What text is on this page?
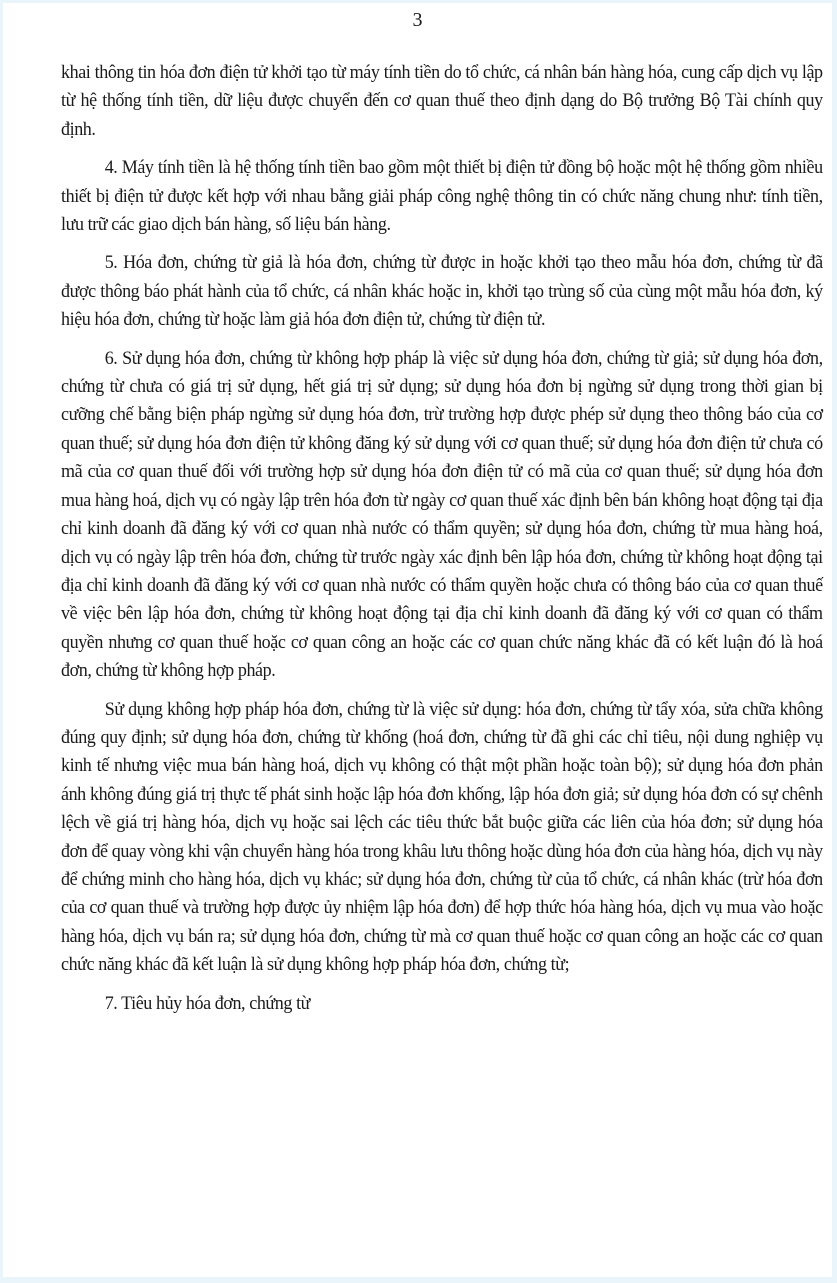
3

khai thông tin hóa đơn điện tử khởi tạo từ máy tính tiền do tổ chức, cá nhân bán hàng hóa, cung cấp dịch vụ lập từ hệ thống tính tiền, dữ liệu được chuyển đến cơ quan thuế theo định dạng do Bộ trưởng Bộ Tài chính quy định.

4. Máy tính tiền là hệ thống tính tiền bao gồm một thiết bị điện tử đồng bộ hoặc một hệ thống gồm nhiều thiết bị điện tử được kết hợp với nhau bằng giải pháp công nghệ thông tin có chức năng chung như: tính tiền, lưu trữ các giao dịch bán hàng, số liệu bán hàng.

5. Hóa đơn, chứng từ giả là hóa đơn, chứng từ được in hoặc khởi tạo theo mẫu hóa đơn, chứng từ đã được thông báo phát hành của tổ chức, cá nhân khác hoặc in, khởi tạo trùng số của cùng một mẫu hóa đơn, ký hiệu hóa đơn, chứng từ hoặc làm giả hóa đơn điện tử, chứng từ điện tử.

6. Sử dụng hóa đơn, chứng từ không hợp pháp là việc sử dụng hóa đơn, chứng từ giả; sử dụng hóa đơn, chứng từ chưa có giá trị sử dụng, hết giá trị sử dụng; sử dụng hóa đơn bị ngừng sử dụng trong thời gian bị cưỡng chế bằng biện pháp ngừng sử dụng hóa đơn, trừ trường hợp được phép sử dụng theo thông báo của cơ quan thuế; sử dụng hóa đơn điện tử không đăng ký sử dụng với cơ quan thuế; sử dụng hóa đơn điện tử chưa có mã của cơ quan thuế đối với trường hợp sử dụng hóa đơn điện tử có mã của cơ quan thuế; sử dụng hóa đơn mua hàng hoá, dịch vụ có ngày lập trên hóa đơn từ ngày cơ quan thuế xác định bên bán không hoạt động tại địa chỉ kinh doanh đã đăng ký với cơ quan nhà nước có thẩm quyền; sử dụng hóa đơn, chứng từ mua hàng hoá, dịch vụ có ngày lập trên hóa đơn, chứng từ trước ngày xác định bên lập hóa đơn, chứng từ không hoạt động tại địa chỉ kinh doanh đã đăng ký với cơ quan nhà nước có thẩm quyền hoặc chưa có thông báo của cơ quan thuế về việc bên lập hóa đơn, chứng từ không hoạt động tại địa chỉ kinh doanh đã đăng ký với cơ quan có thẩm quyền nhưng cơ quan thuế hoặc cơ quan công an hoặc các cơ quan chức năng khác đã có kết luận đó là hoá đơn, chứng từ không hợp pháp.

Sử dụng không hợp pháp hóa đơn, chứng từ là việc sử dụng: hóa đơn, chứng từ tẩy xóa, sửa chữa không đúng quy định; sử dụng hóa đơn, chứng từ khống (hoá đơn, chứng từ đã ghi các chỉ tiêu, nội dung nghiệp vụ kinh tế nhưng việc mua bán hàng hoá, dịch vụ không có thật một phần hoặc toàn bộ); sử dụng hóa đơn phản ánh không đúng giá trị thực tế phát sinh hoặc lập hóa đơn khống, lập hóa đơn giả; sử dụng hóa đơn có sự chênh lệch về giá trị hàng hóa, dịch vụ hoặc sai lệch các tiêu thức bắt buộc giữa các liên của hóa đơn; sử dụng hóa đơn để quay vòng khi vận chuyển hàng hóa trong khâu lưu thông hoặc dùng hóa đơn của hàng hóa, dịch vụ này để chứng minh cho hàng hóa, dịch vụ khác; sử dụng hóa đơn, chứng từ của tổ chức, cá nhân khác (trừ hóa đơn của cơ quan thuế và trường hợp được ủy nhiệm lập hóa đơn) để hợp thức hóa hàng hóa, dịch vụ mua vào hoặc hàng hóa, dịch vụ bán ra; sử dụng hóa đơn, chứng từ mà cơ quan thuế hoặc cơ quan công an hoặc các cơ quan chức năng khác đã kết luận là sử dụng không hợp pháp hóa đơn, chứng từ;

7. Tiêu hủy hóa đơn, chứng từ
